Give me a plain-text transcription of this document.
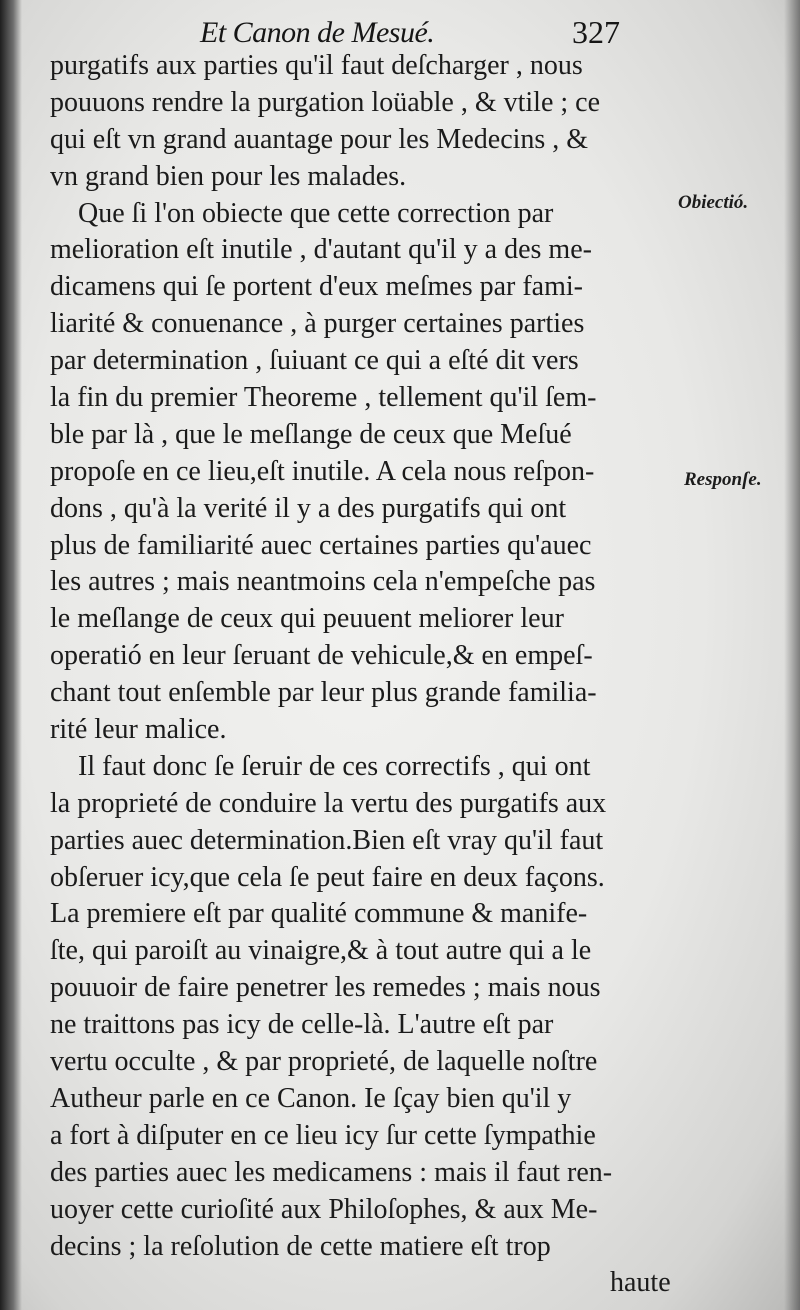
Et Canon de Mesué.	327
purgatifs aux parties qu'il faut deſcharger , nous
pouuons rendre la purgation loüable , & vtile ; ce
qui eſt vn grand auantage pour les Medecins , &
vn grand bien pour les malades.
Que ſi l'on obiecte que cette correction par
melioration eſt inutile , d'autant qu'il y a des me-
dicamens qui ſe portent d'eux meſmes par fami-
liarité & conuenance , à purger certaines parties
par determination , ſuiuant ce qui a eſté dit vers
la fin du premier Theoreme , tellement qu'il ſem-
ble par là , que le meſlange de ceux que Meſué
propoſe en ce lieu,eſt inutile. A cela nous reſpon-
dons , qu'à la verité il y a des purgatifs qui ont
plus de familiarité auec certaines parties qu'auec
les autres ; mais neantmoins cela n'empeſche pas
le meſlange de ceux qui peuuent meliorer leur
operatió en leur ſeruant de vehicule,& en empeſ-
chant tout enſemble par leur plus grande familia-
rité leur malice.
Il faut donc ſe ſeruir de ces correctifs , qui ont
la proprieté de conduire la vertu des purgatifs aux
parties auec determination.Bien eſt vray qu'il faut
obſeruer icy,que cela ſe peut faire en deux façons.
La premiere eſt par qualité commune & manife-
ſte, qui paroiſt au vinaigre,& à tout autre qui a le
pouuoir de faire penetrer les remedes ; mais nous
ne traittons pas icy de celle-là. L'autre eſt par
vertu occulte , & par proprieté, de laquelle noſtre
Autheur parle en ce Canon. Ie ſçay bien qu'il y
a fort à diſputer en ce lieu icy ſur cette ſympathie
des parties auec les medicamens : mais il faut ren-
uoyer cette curioſité aux Philoſophes, & aux Me-
decins ; la reſolution de cette matiere eſt trop
haute
Obiectió.
Responſe.
